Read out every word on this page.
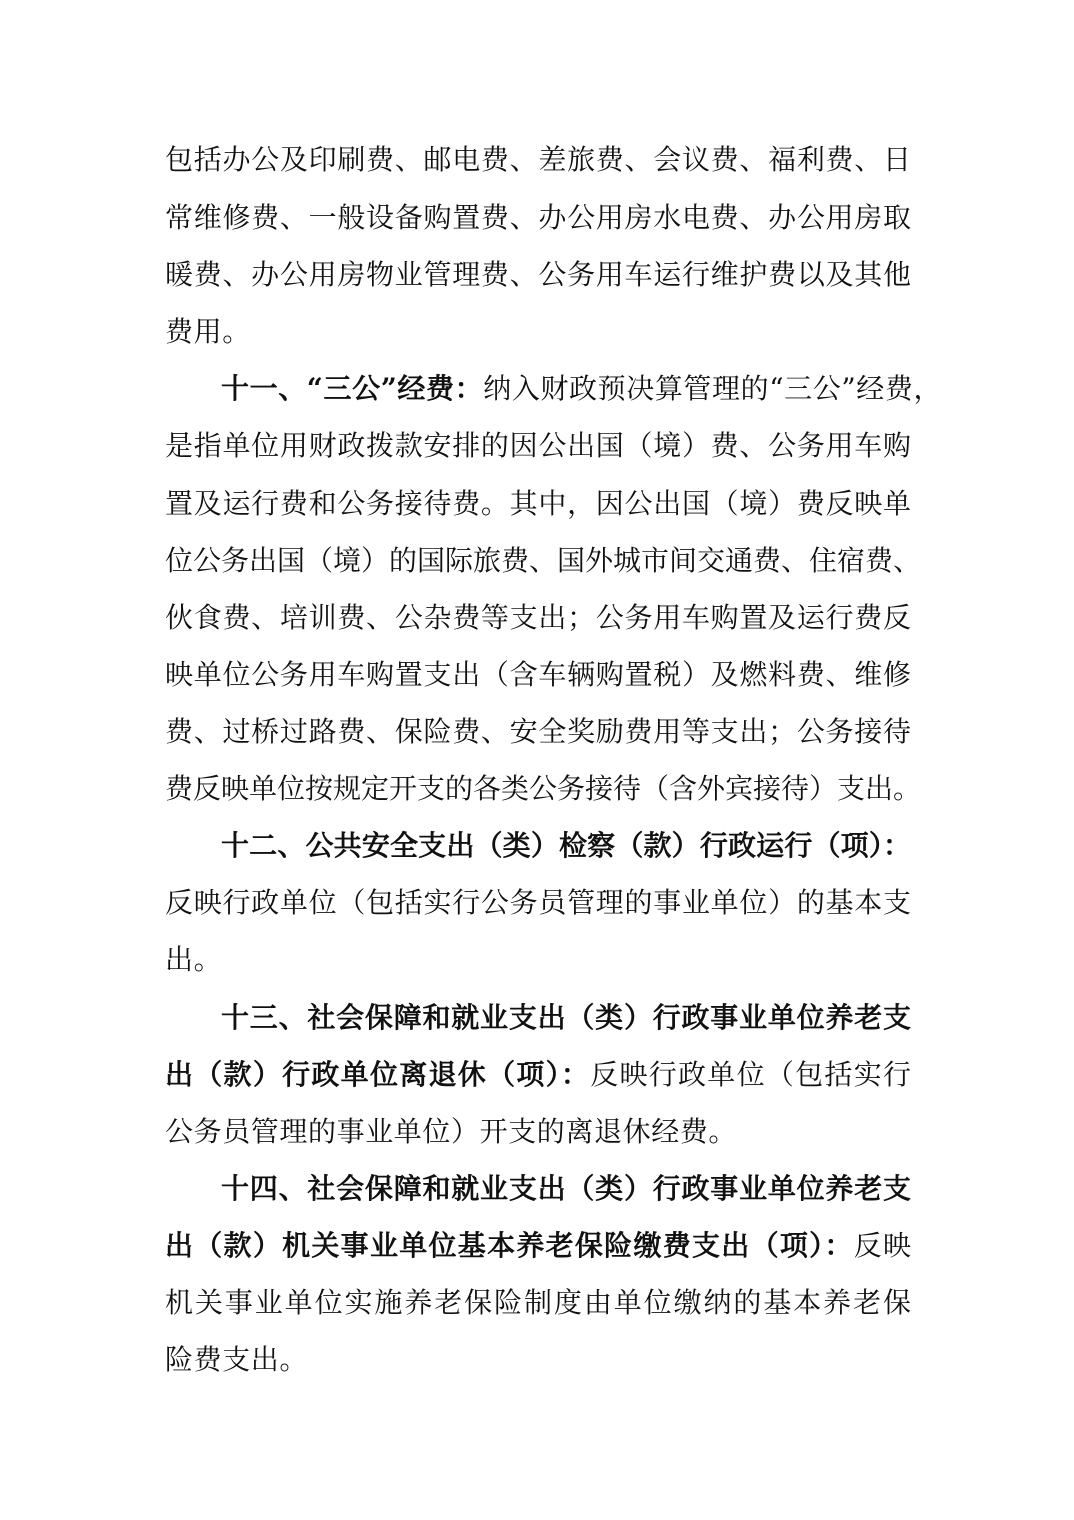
包括办公及印刷费、邮电费、差旅费、会议费、福利费、日
常维修费、一般设备购置费、办公用房水电费、办公用房取
暖费、办公用房物业管理费、公务用车运行维护费以及其他
费用。
十一、“三公”经费：纳入财政预决算管理的“三公”经费，
是指单位用财政拨款安排的因公出国（境）费、公务用车购
置及运行费和公务接待费。其中，因公出国（境）费反映单
位公务出国（境）的国际旅费、国外城市间交通费、住宿费、
伙食费、培训费、公杂费等支出；公务用车购置及运行费反
映单位公务用车购置支出（含车辆购置税）及燃料费、维修
费、过桥过路费、保险费、安全奖励费用等支出；公务接待
费反映单位按规定开支的各类公务接待（含外宾接待）支出。
十二、公共安全支出（类）检察（款）行政运行（项）：
反映行政单位（包括实行公务员管理的事业单位）的基本支
出。
十三、社会保障和就业支出（类）行政事业单位养老支
出（款）行政单位离退休（项）：反映行政单位（包括实行
公务员管理的事业单位）开支的离退休经费。
十四、社会保障和就业支出（类）行政事业单位养老支
出（款）机关事业单位基本养老保险缴费支出（项）：反映
机关事业单位实施养老保险制度由单位缴纳的基本养老保
险费支出。
